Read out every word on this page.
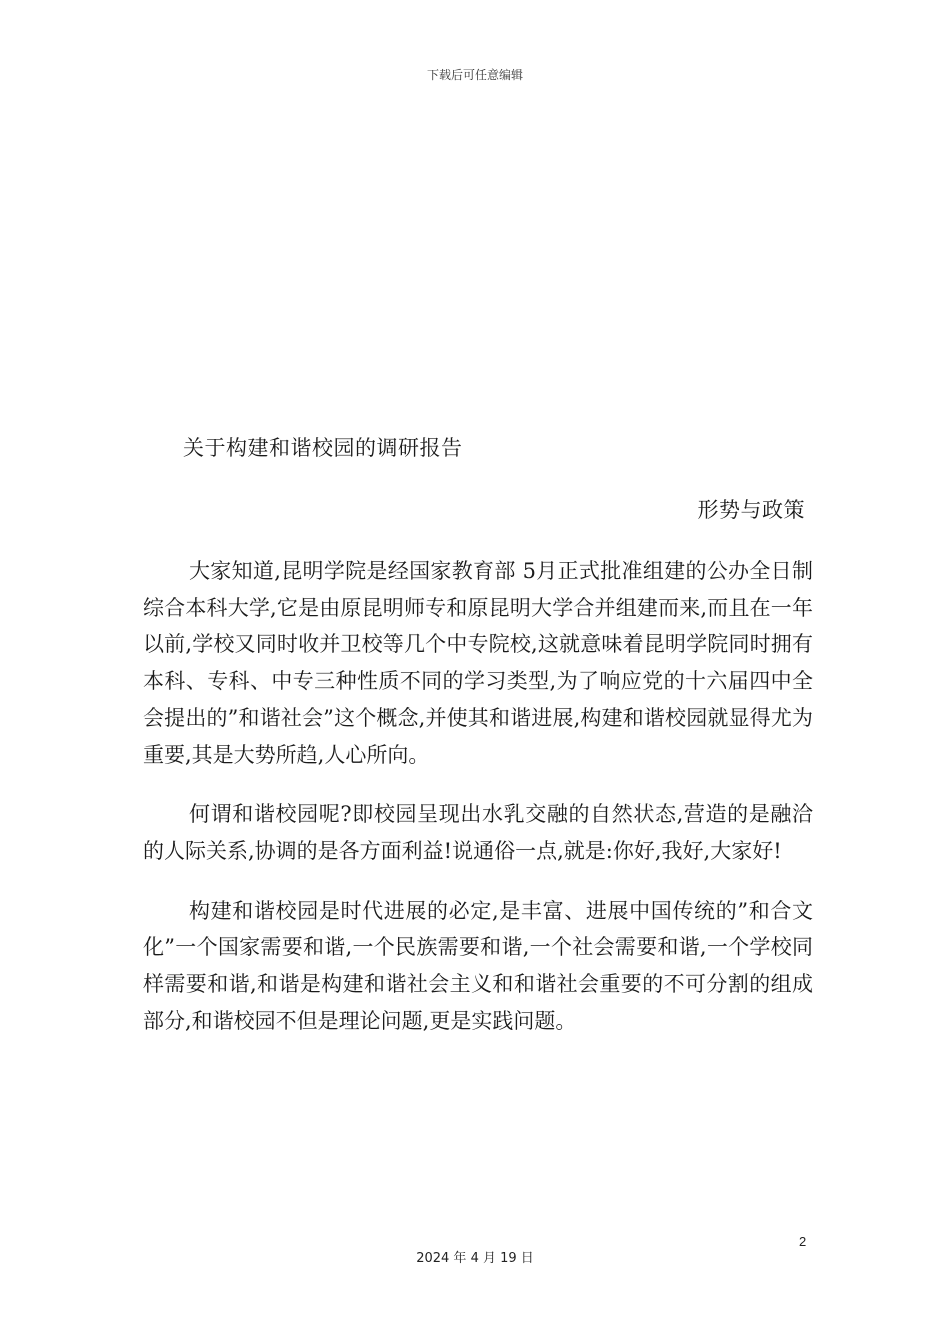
下载后可任意编辑
关于构建和谐校园的调研报告
形势与政策

大家知道,昆明学院是经国家教育部 5月正式批准组建的公办全日制综合本科大学,它是由原昆明师专和原昆明大学合并组建而来,而且在一年以前,学校又同时收并卫校等几个中专院校,这就意味着昆明学院同时拥有本科、专科、中专三种性质不同的学习类型,为了响应党的十六届四中全会提出的”和谐社会”这个概念,并使其和谐进展,构建和谐校园就显得尤为重要,其是大势所趋,人心所向。

何谓和谐校园呢?即校园呈现出水乳交融的自然状态,营造的是融洽的人际关系,协调的是各方面利益!说通俗一点,就是:你好,我好,大家好!

构建和谐校园是时代进展的必定,是丰富、进展中国传统的”和合文化”一个国家需要和谐,一个民族需要和谐,一个社会需要和谐,一个学校同样需要和谐,和谐是构建和谐社会主义和和谐社会重要的不可分割的组成部分,和谐校园不但是理论问题,更是实践问题。

2
2024 年 4 月 19 日
